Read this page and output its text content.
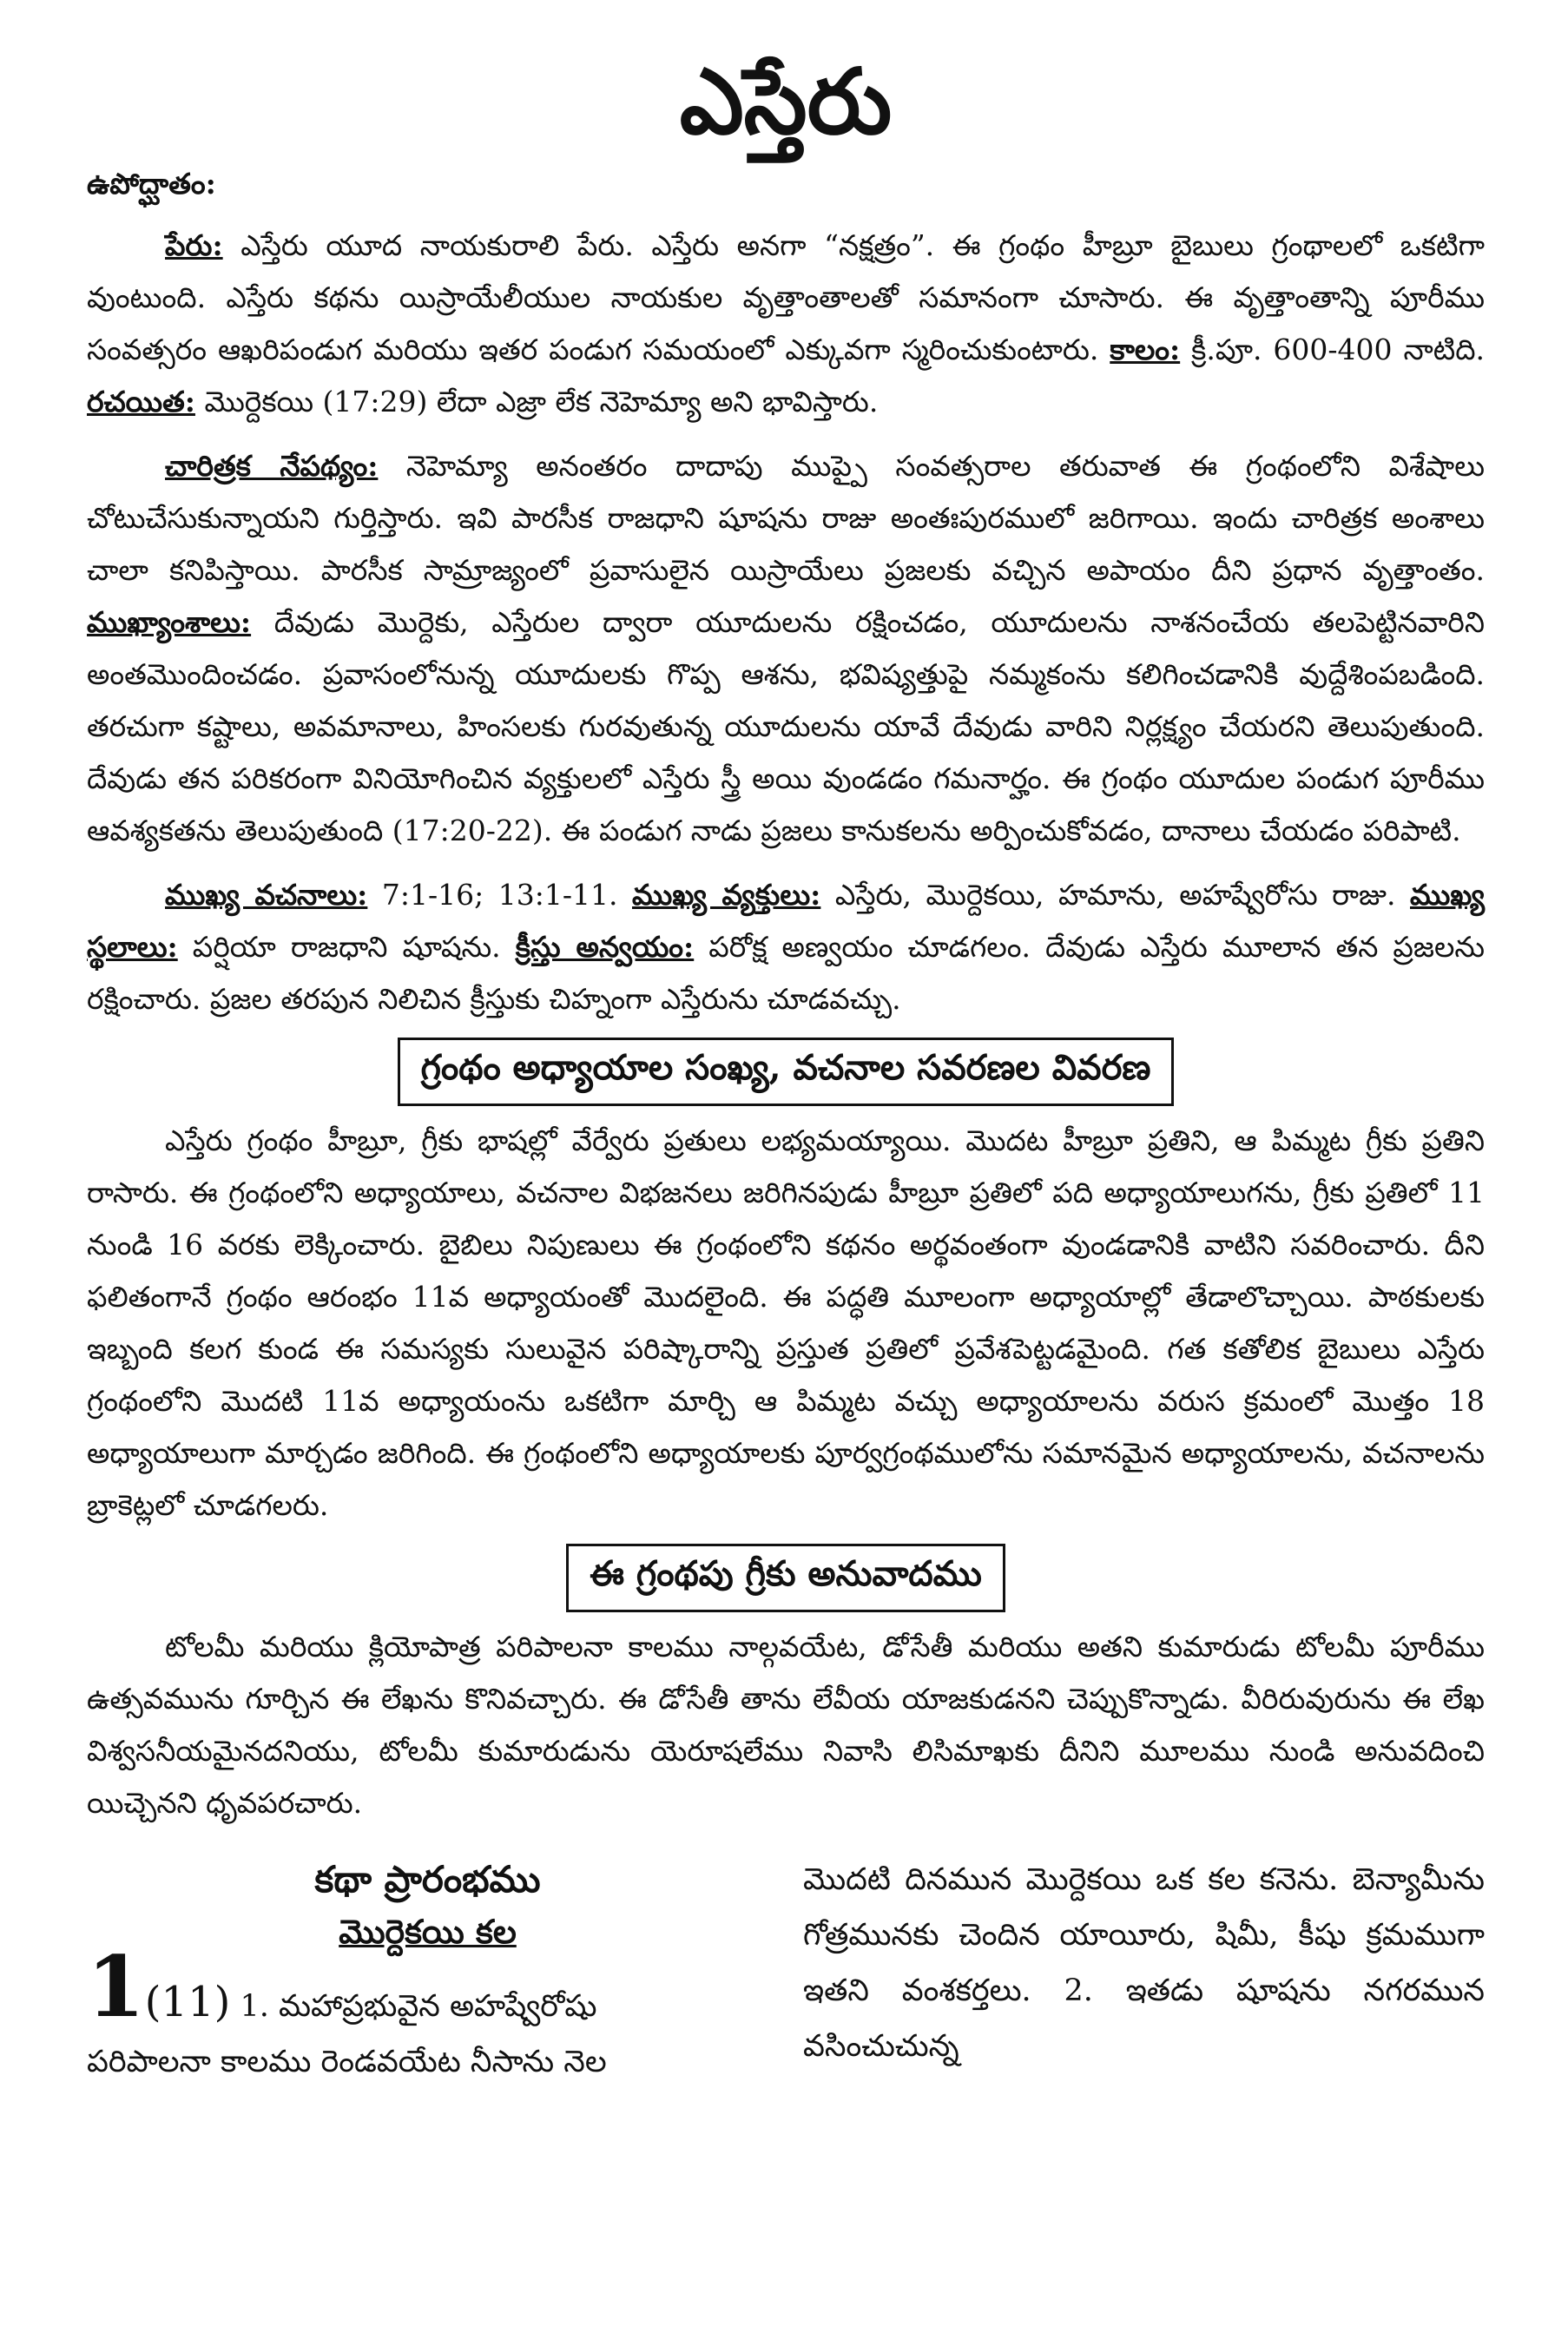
ఎస్తేరు
ఉపోద్ఘాతం:

పేరు: ఎస్తేరు యూద నాయకురాలి పేరు. ఎస్తేరు అనగా “నక్షత్రం”. ఈ గ్రంథం హీబ్రూ బైబులు గ్రంథాలలో ఒకటిగా వుంటుంది. ఎస్తేరు కథను యిస్రాయేలీయుల నాయకుల వృత్తాంతాలతో సమానంగా చూసారు. ఈ వృత్తాంతాన్ని పూరీము సంవత్సరం ఆఖరిపండుగ మరియు ఇతర పండుగ సమయంలో ఎక్కువగా స్మరించుకుంటారు. కాలం: క్రీ.పూ. 600-400 నాటిది. రచయిత: మొర్దెకయి (17:29) లేదా ఎజ్రా లేక నెహెమ్యా అని భావిస్తారు.

చారిత్రక నేపథ్యం: నెహెమ్యా అనంతరం దాదాపు ముప్పై సంవత్సరాల తరువాత ఈ గ్రంథంలోని విశేషాలు చోటుచేసుకున్నాయని గుర్తిస్తారు. ఇవి పారసీక రాజధాని షూషను రాజు అంతఃపురములో జరిగాయి. ఇందు చారిత్రక అంశాలు చాలా కనిపిస్తాయి. పారసీక సామ్రాజ్యంలో ప్రవాసులైన యిస్రాయేలు ప్రజలకు వచ్చిన అపాయం దీని ప్రధాన వృత్తాంతం. ముఖ్యాంశాలు: దేవుడు మొర్దెకు, ఎస్తేరుల ద్వారా యూదులను రక్షించడం, యూదులను నాశనంచేయ తలపెట్టినవారిని అంతమొందించడం. ప్రవాసంలోనున్న యూదులకు గొప్ప ఆశను, భవిష్యత్తుపై నమ్మకంను కలిగించడానికి వుద్దేశింపబడింది. తరచుగా కష్టాలు, అవమానాలు, హింసలకు గురవుతున్న యూదులను యావే దేవుడు వారిని నిర్లక్ష్యం చేయరని తెలుపుతుంది. దేవుడు తన పరికరంగా వినియోగించిన వ్యక్తులలో ఎస్తేరు స్త్రీ అయి వుండడం గమనార్హం. ఈ గ్రంథం యూదుల పండుగ పూరీము ఆవశ్యకతను తెలుపుతుంది (17:20-22). ఈ పండుగ నాడు ప్రజలు కానుకలను అర్పించుకోవడం, దానాలు చేయడం పరిపాటి.

ముఖ్య వచనాలు: 7:1-16; 13:1-11. ముఖ్య వ్యక్తులు: ఎస్తేరు, మొర్దెకయి, హమాను, అహష్వేరోసు రాజు. ముఖ్య స్థలాలు: పర్షియా రాజధాని షూషను. క్రీస్తు అన్వయం: పరోక్ష అణ్వయం చూడగలం. దేవుడు ఎస్తేరు మూలాన తన ప్రజలను రక్షించారు. ప్రజల తరపున నిలిచిన క్రీస్తుకు చిహ్నంగా ఎస్తేరును చూడవచ్చు.

గ్రంథం అధ్యాయాల సంఖ్య, వచనాల సవరణల వివరణ

ఎస్తేరు గ్రంథం హీబ్రూ, గ్రీకు భాషల్లో వేర్వేరు ప్రతులు లభ్యమయ్యాయి. మొదట హీబ్రూ ప్రతిని, ఆ పిమ్మట గ్రీకు ప్రతిని రాసారు. ఈ గ్రంథంలోని అధ్యాయాలు, వచనాల విభజనలు జరిగినపుడు హీబ్రూ ప్రతిలో పది అధ్యాయాలుగను, గ్రీకు ప్రతిలో 11 నుండి 16 వరకు లెక్కించారు. బైబిలు నిపుణులు ఈ గ్రంథంలోని కథనం అర్థవంతంగా వుండడానికి వాటిని సవరించారు. దీని ఫలితంగానే గ్రంథం ఆరంభం 11వ అధ్యాయంతో మొదలైంది. ఈ పద్ధతి మూలంగా అధ్యాయాల్లో తేడాలొచ్చాయి. పాఠకులకు ఇబ్బంది కలగ కుండ ఈ సమస్యకు సులువైన పరిష్కారాన్ని ప్రస్తుత ప్రతిలో ప్రవేశపెట్టడమైంది. గత కతోలిక బైబులు ఎస్తేరు గ్రంథంలోని మొదటి 11వ అధ్యాయంను ఒకటిగా మార్చి ఆ పిమ్మట వచ్చు అధ్యాయాలను వరుస క్రమంలో మొత్తం 18 అధ్యాయాలుగా మార్చడం జరిగింది. ఈ గ్రంథంలోని అధ్యాయాలకు పూర్వగ్రంథములోను సమానమైన అధ్యాయాలను, వచనాలను బ్రాకెట్లలో చూడగలరు.

ఈ గ్రంథపు గ్రీకు అనువాదము

టోలమీ మరియు క్లియోపాత్ర పరిపాలనా కాలము నాల్గవయేట, డోసేతీ మరియు అతని కుమారుడు టోలమీ పూరీము ఉత్సవమును గూర్చిన ఈ లేఖను కొనివచ్చారు. ఈ డోసేతీ తాను లేవీయ యాజకుడనని చెప్పుకొన్నాడు. వీరిరువురును ఈ లేఖ విశ్వసనీయమైనదనియు, టోలమీ కుమారుడును యెరూషలేము నివాసి లిసిమాఖకు దీనిని మూలము నుండి అనువదించి యిచ్చెనని ధృవపరచారు.

కథా ప్రారంభము
మొర్దెకయి కల
1(11) 1. మహాప్రభువైన అహష్వేరోషు
పరిపాలనా కాలము రెండవయేట నీసాను నెల

మొదటి దినమున మొర్దెకయి ఒక కల కనెను. బెన్యామీను గోత్రమునకు చెందిన యాయీరు, షిమీ, కీషు క్రమముగా ఇతని వంశకర్తలు. 2. ఇతడు షూషను నగరమున వసించుచున్న
